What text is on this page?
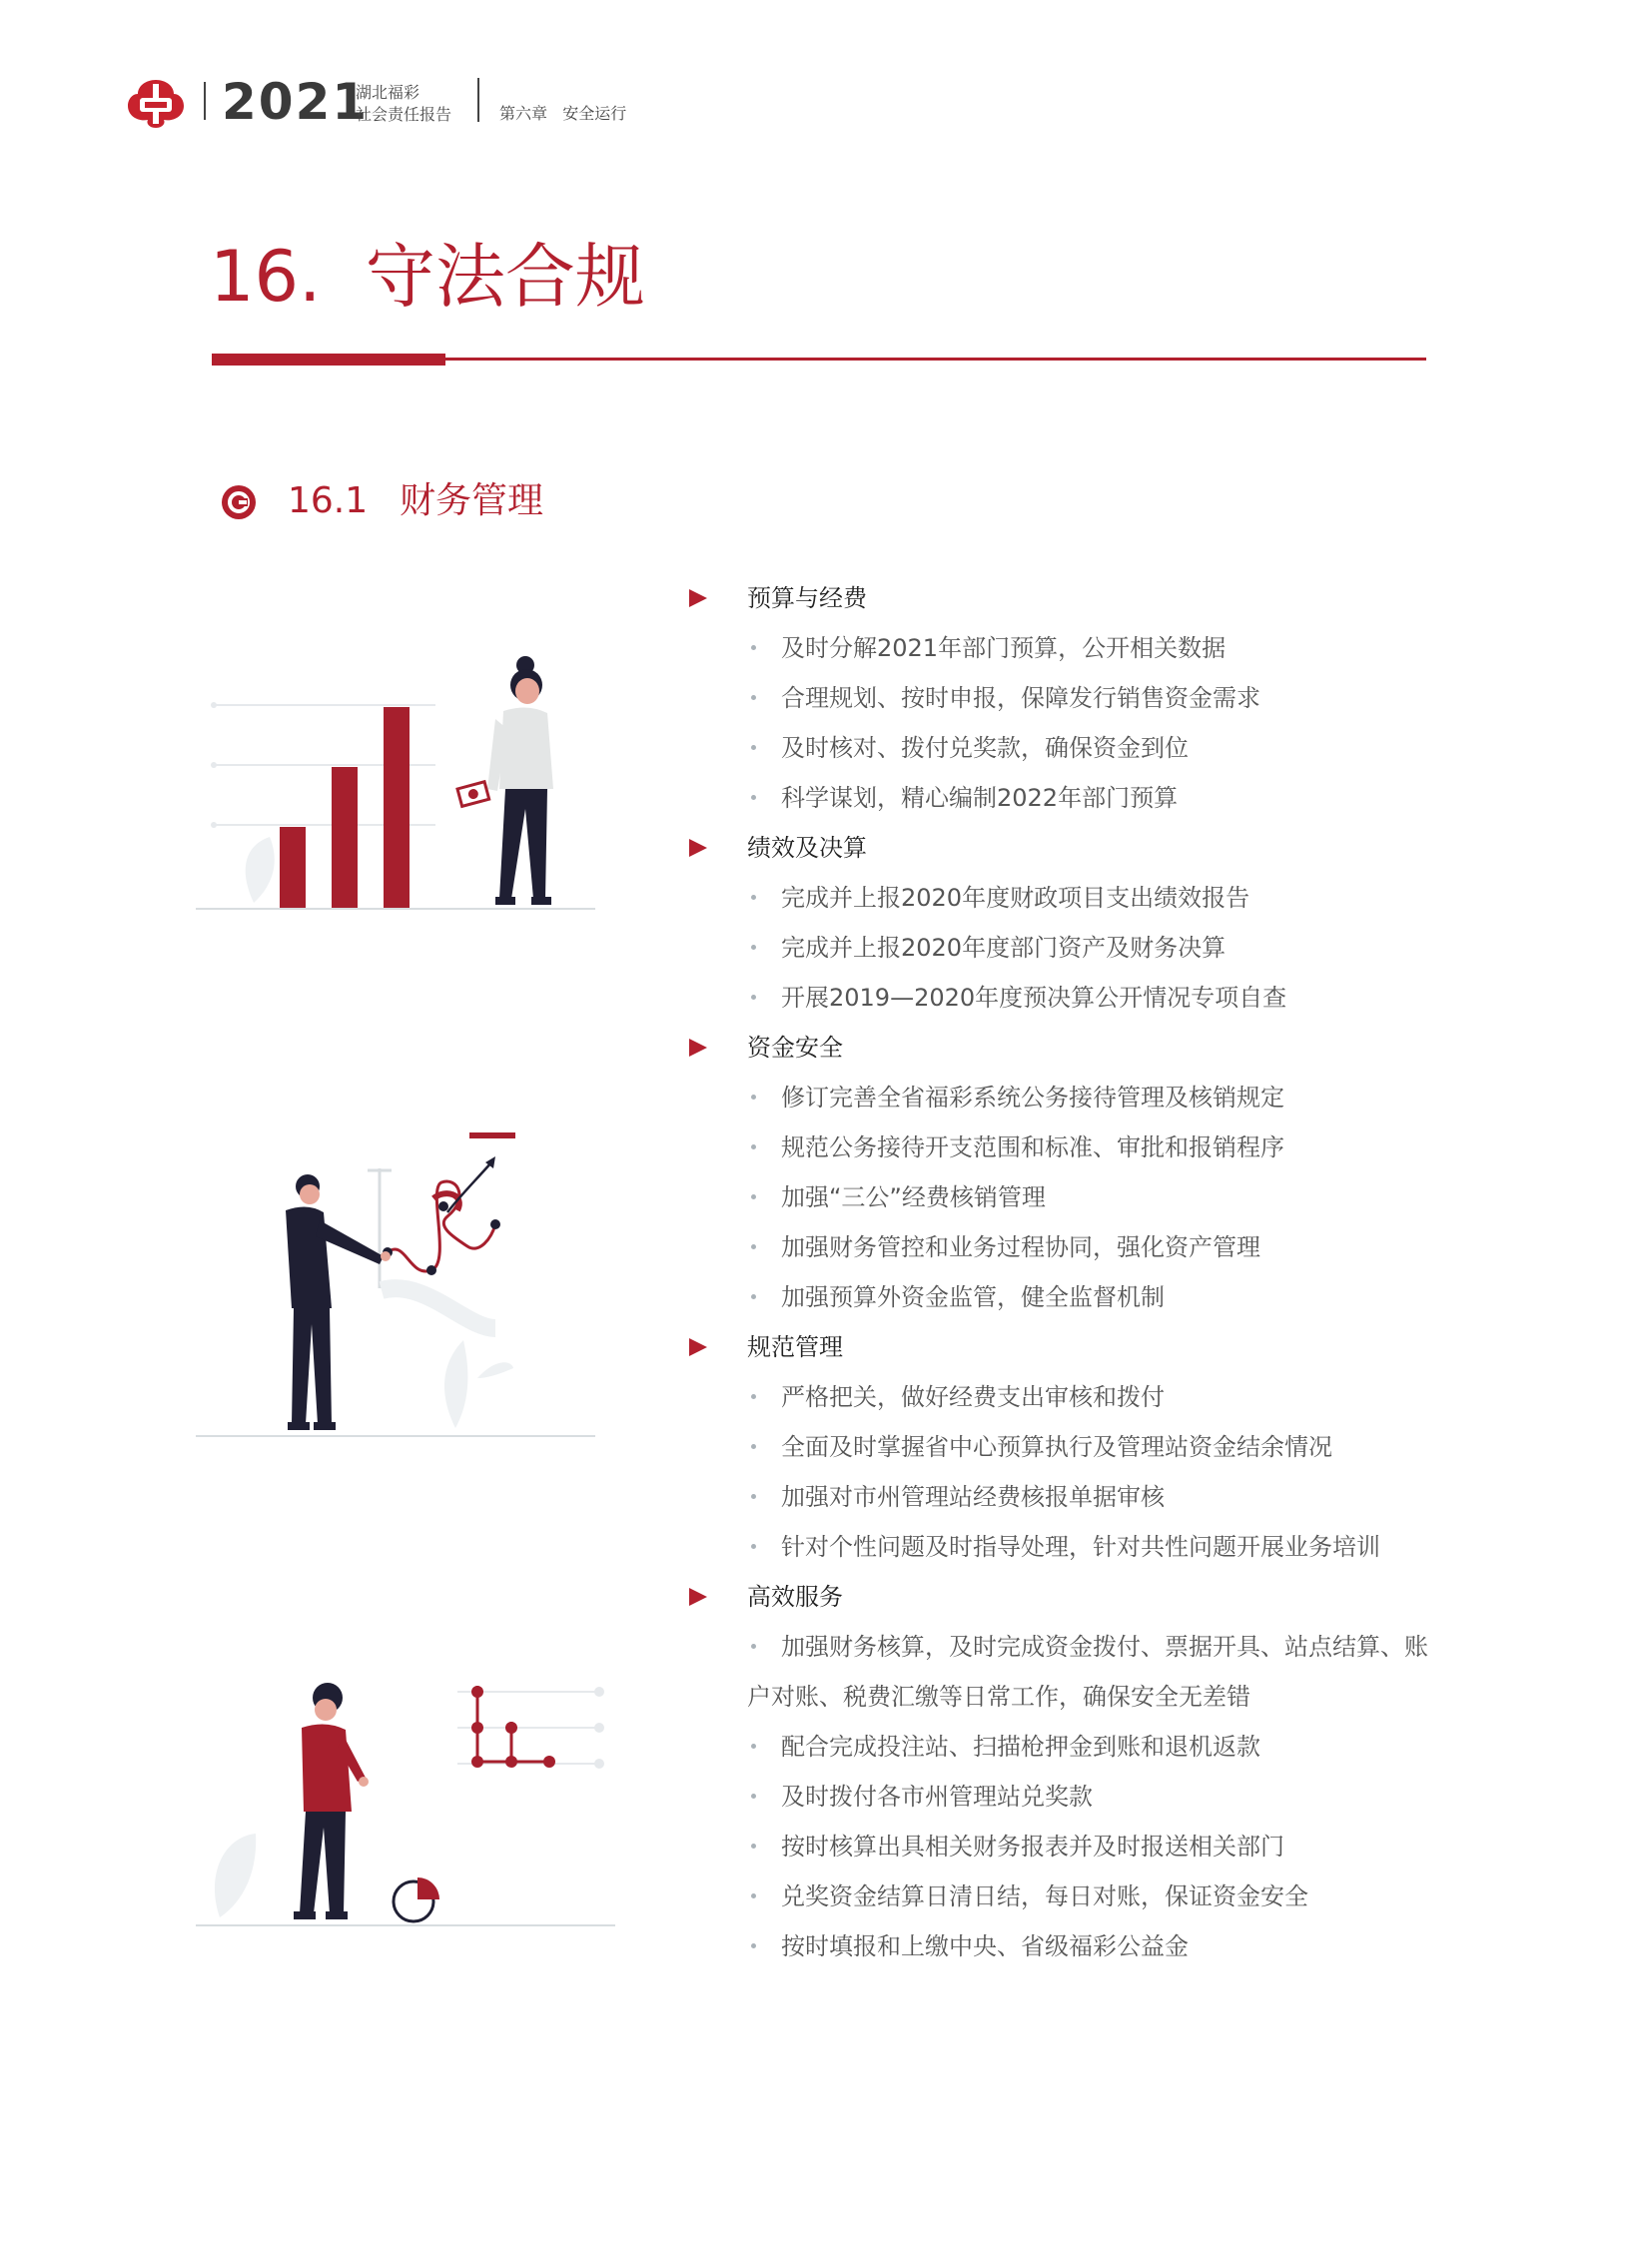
2021
湖北福彩
社会责任报告	第六章   安全运行
16.  守法合规
16.1 财务管理
预算与经费
及时分解2021年部门预算，公开相关数据
合理规划、按时申报，保障发行销售资金需求
及时核对、拨付兑奖款，确保资金到位
科学谋划，精心编制2022年部门预算
绩效及决算
完成并上报2020年度财政项目支出绩效报告
完成并上报2020年度部门资产及财务决算
开展2019—2020年度预决算公开情况专项自查
资金安全
修订完善全省福彩系统公务接待管理及核销规定
规范公务接待开支范围和标准、审批和报销程序
加强“三公”经费核销管理
加强财务管控和业务过程协同，强化资产管理
加强预算外资金监管，健全监督机制
规范管理
严格把关，做好经费支出审核和拨付
全面及时掌握省中心预算执行及管理站资金结余情况
加强对市州管理站经费核报单据审核
针对个性问题及时指导处理，针对共性问题开展业务培训
高效服务
加强财务核算，及时完成资金拨付、票据开具、站点结算、账户对账、税费汇缴等日常工作，确保安全无差错
配合完成投注站、扫描枪押金到账和退机返款
及时拨付各市州管理站兑奖款
按时核算出具相关财务报表并及时报送相关部门
兑奖资金结算日清日结，每日对账，保证资金安全
按时填报和上缴中央、省级福彩公益金
